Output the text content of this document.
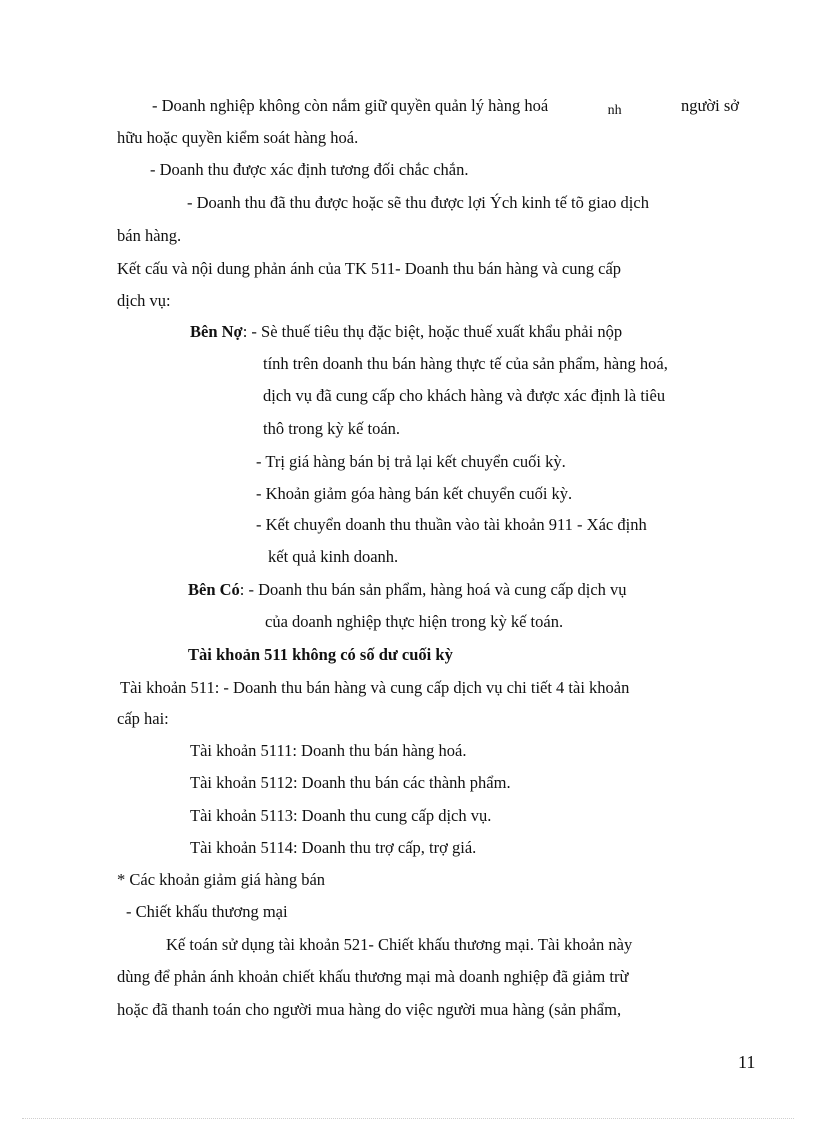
- Doanh nghiệp không còn nắm giữ quyền quản lý hàng hoá	nh	người sở
hữu hoặc quyền kiểm soát hàng hoá.
- Doanh thu được xác định tương đối chắc chắn.
- Doanh thu đã thu được hoặc sẽ thu được lợi Ých kinh tế tõ giao dịch
bán hàng.
Kết cấu và nội dung phản ánh của TK 511- Doanh thu bán hàng và cung cấp
dịch vụ:
Bên Nợ: - Sè thuế tiêu thụ đặc biệt, hoặc thuế xuất khẩu phải nộp
tính trên doanh thu bán hàng thực tế của sản phẩm, hàng hoá,
dịch vụ đã cung cấp cho khách hàng và được xác định là tiêu
thô trong kỳ kế toán.
- Trị giá hàng bán bị trả lại kết chuyển cuối kỳ.
- Khoản giảm góa hàng bán kết chuyển cuối kỳ.
- Kết chuyển doanh thu thuần vào tài khoản 911 - Xác định
kết quả kinh doanh.
Bên Có: - Doanh thu bán sản phẩm, hàng hoá và cung cấp dịch vụ
của doanh nghiệp thực hiện trong kỳ kế toán.
Tài khoản 511 không có số dư cuối kỳ
Tài khoản 511: - Doanh thu bán hàng và cung cấp dịch vụ chi tiết 4 tài khoản
cấp hai:
Tài khoản 5111: Doanh thu bán hàng hoá.
Tài khoản 5112: Doanh thu bán các thành phẩm.
Tài khoản 5113: Doanh thu cung cấp dịch vụ.
Tài khoản 5114: Doanh thu trợ cấp, trợ giá.
* Các khoản giảm giá hàng bán
- Chiết khấu thương mại
Kế toán sử dụng tài khoản 521- Chiết khấu thương mại. Tài khoản này
dùng để phản ánh khoản chiết khấu thương mại mà doanh nghiệp đã giảm trừ
hoặc đã thanh toán cho người mua hàng do việc người mua hàng (sản phẩm,
11
